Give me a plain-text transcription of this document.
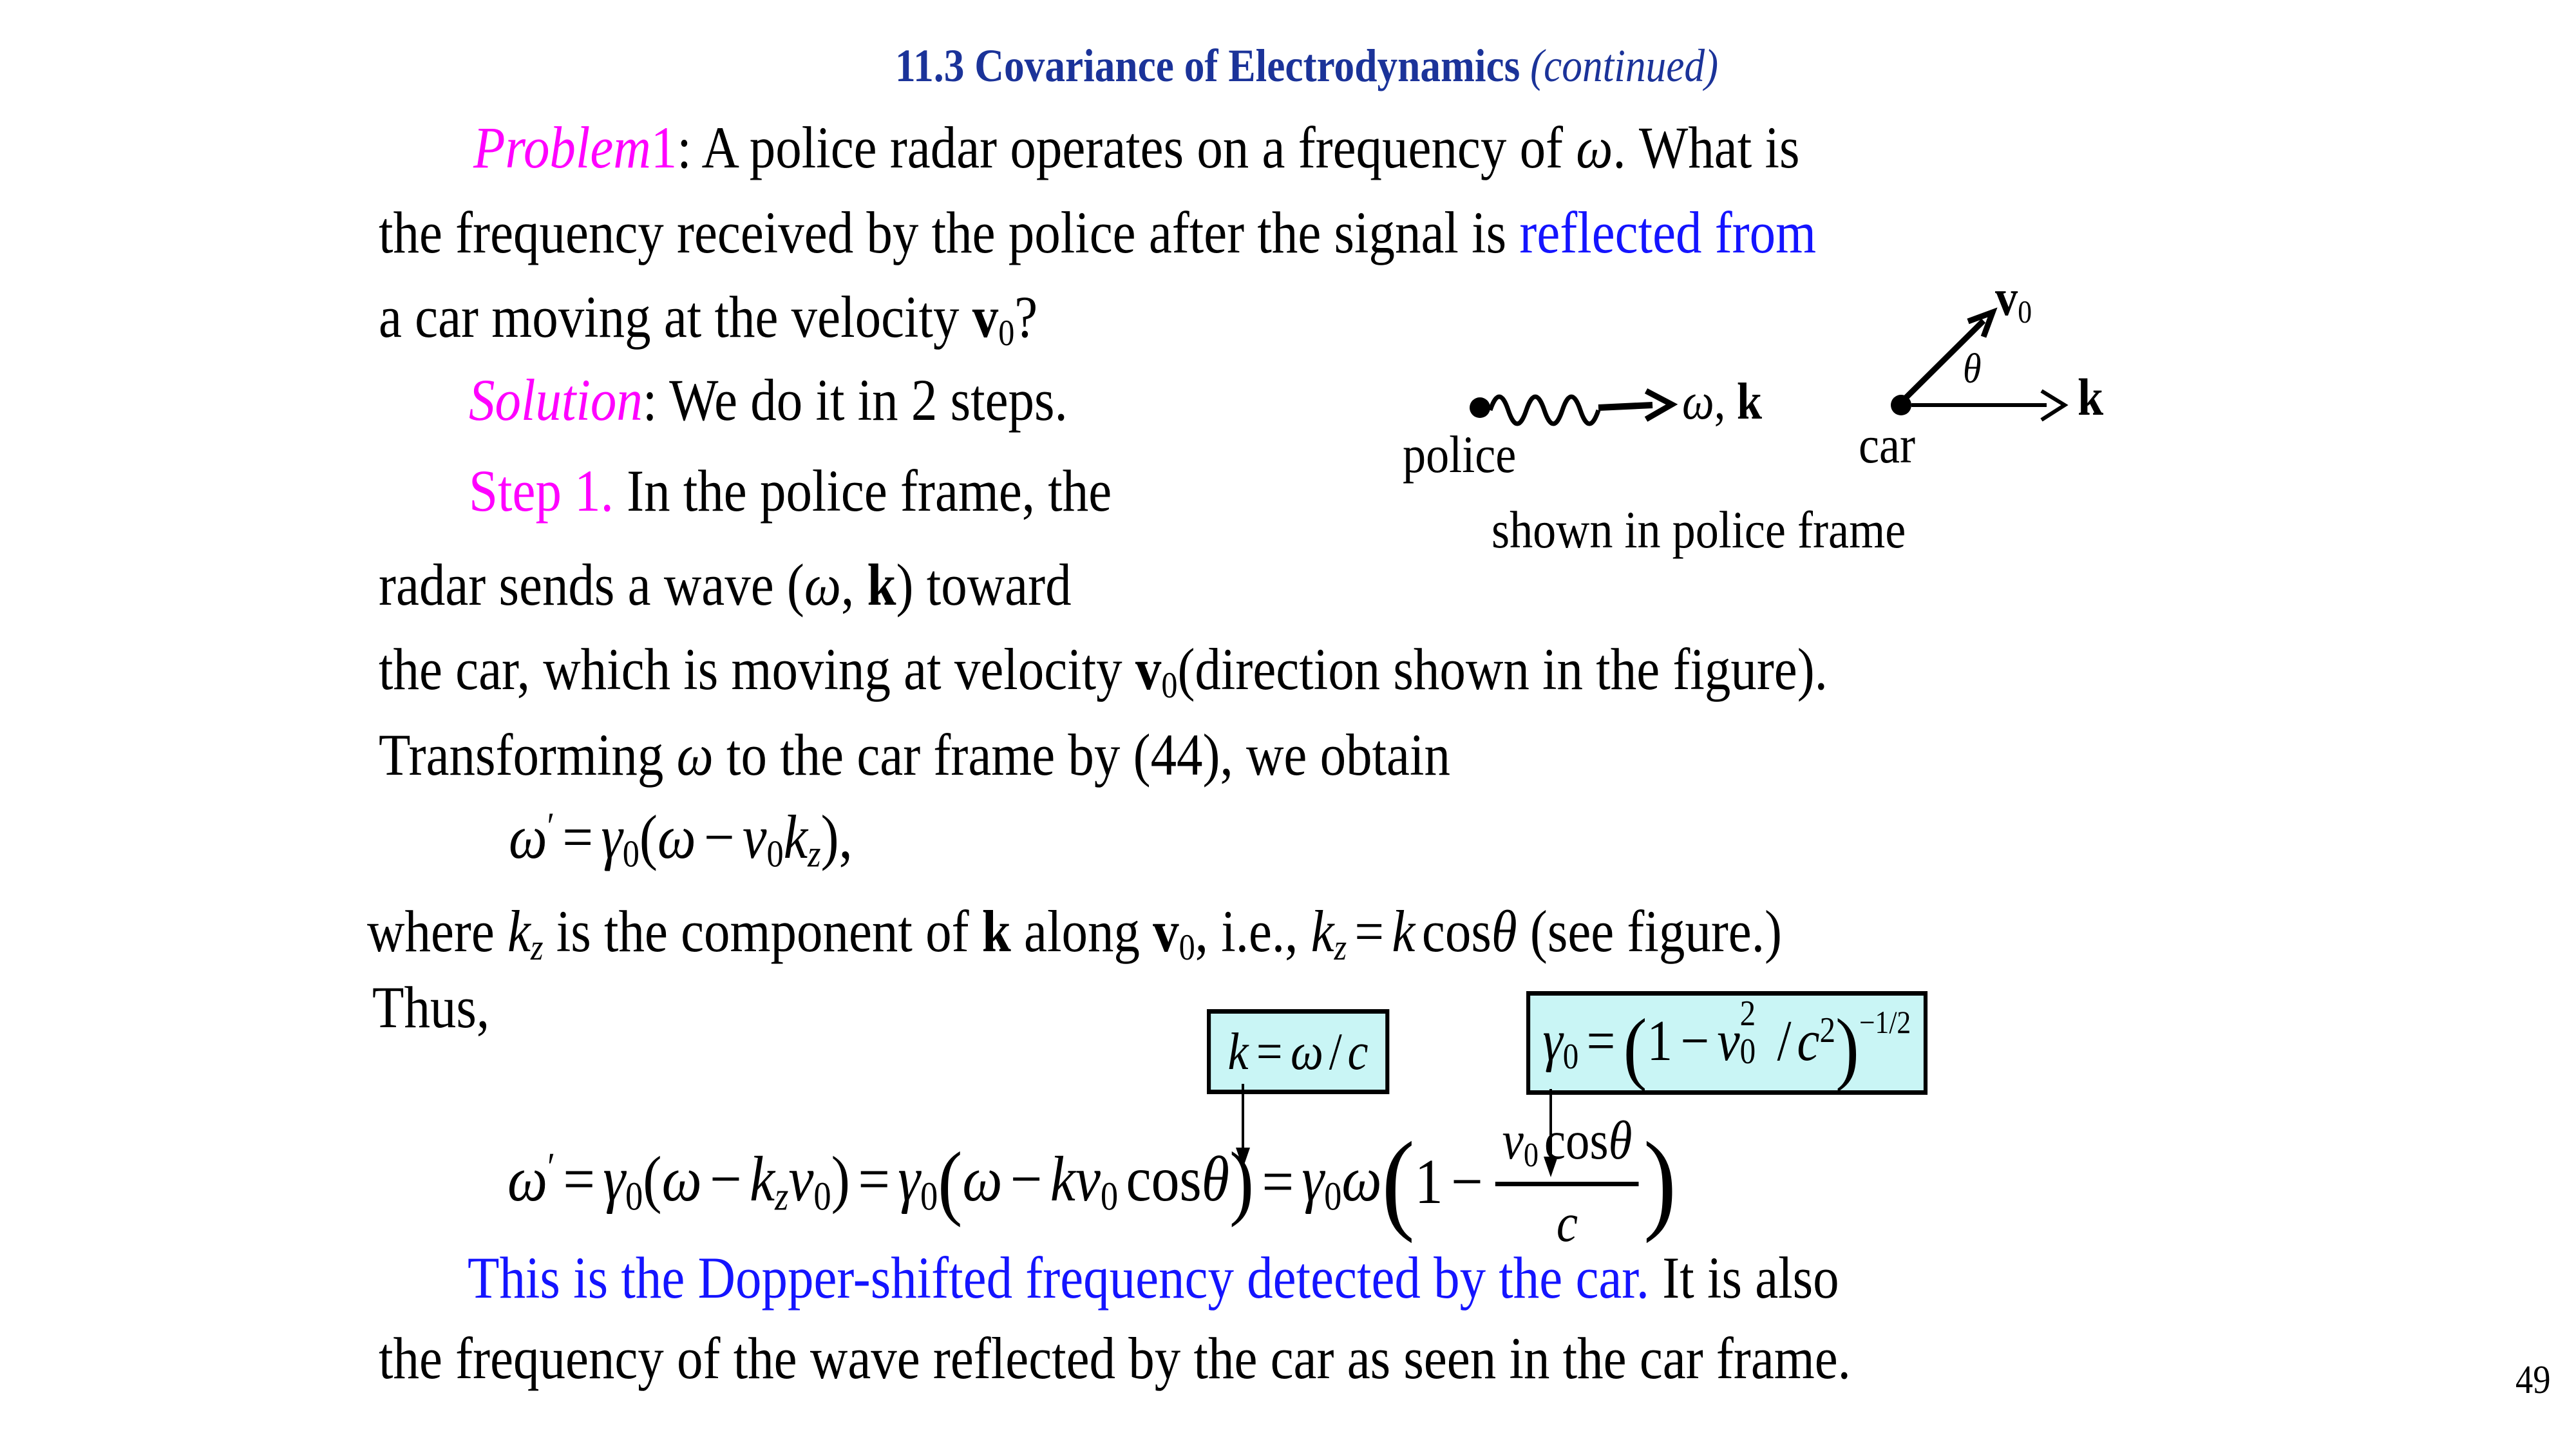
11.3 Covariance of Electrodynamics (continued)
Problem1: A police radar operates on a frequency of ω. What is
the frequency received by the police after the signal is reflected from
a car moving at the velocity v0?
Solution: We do it in 2 steps.
Step 1. In the police frame, the
radar sends a wave (ω, k) toward
the car, which is moving at velocity v0(direction shown in the figure).
Transforming ω to the car frame by (44), we obtain
ω′ = γ0(ω − v0kz),
where kz is the component of k along v0, i.e., kz = k cosθ (see figure.)
Thus,
k = ω / c	γ0 =(1 − v 2
0 $/c^2)^{-1/2}$
ω′ = γ0(ω − kzv0) = γ0 ( ω − kv0 cosθ ) = γ0ω ( $1 - \frac{v0 \cos\theta}{c}$ )
This is the Dopper-shifted frequency detected by the car. It is also
the frequency of the wave reflected by the car as seen in the car frame.	49
ω, k
police	car
k
v0
θ
shown in police frame
